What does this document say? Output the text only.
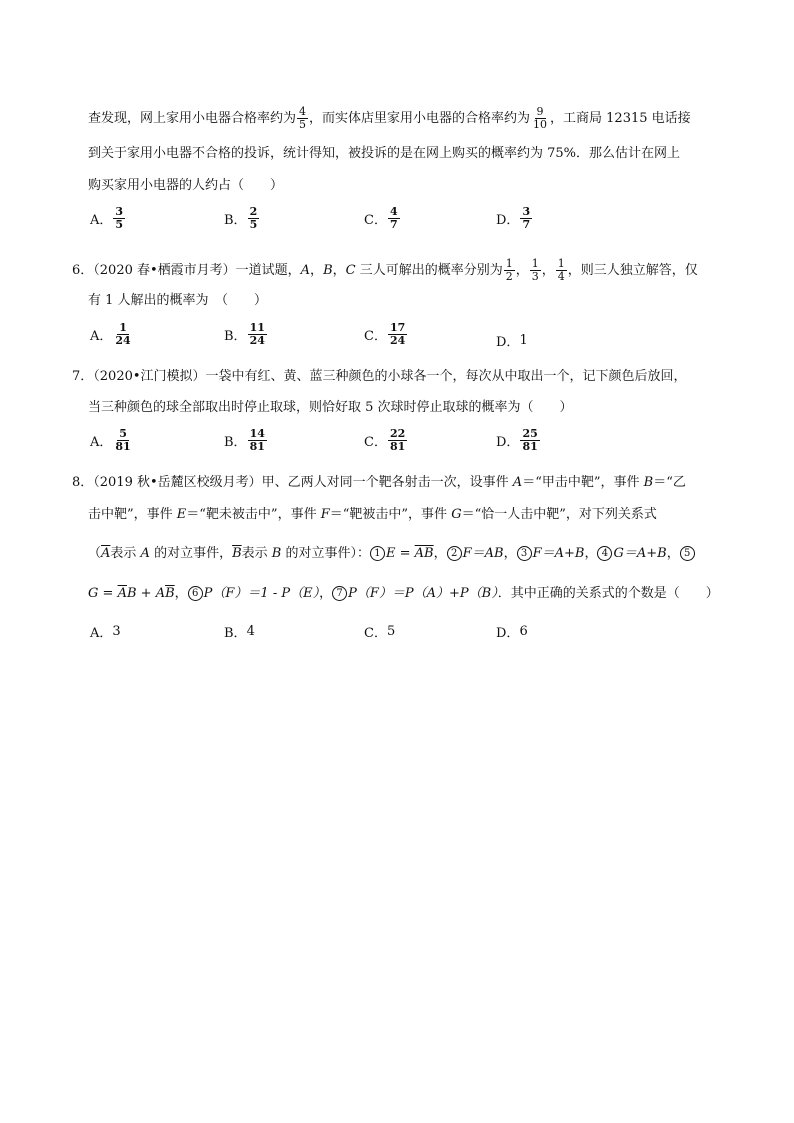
查发现，网上家用小电器合格率约为 $\frac{4}{5}$ ，而实体店里家用小电器的合格率约为 $\frac{9}{10}$ ，工商局 12315 电话接
到关于家用小电器不合格的投诉，统计得知，被投诉的是在网上购买的概率约为 75%．那么估计在网上
购买家用小电器的人约占（　　）
A． $\frac{3}{5}$	B． $\frac{2}{5}$	C． $\frac{4}{7}$	D． $\frac{3}{7}$
6．（2020 春•栖霞市月考）一道试题，A，B，C 三人可解出的概率分别为 $\frac{1}{2}$ ， $\frac{1}{3}$ ， $\frac{1}{4}$ ，则三人独立解答，仅
有 1 人解出的概率为　（　　）
A． $\frac{1}{24}$	B． $\frac{11}{24}$	C． $\frac{17}{24}$	D．1
7．（2020•江门模拟）一袋中有红、黄、蓝三种颜色的小球各一个，每次从中取出一个，记下颜色后放回，
当三种颜色的球全部取出时停止取球，则恰好取 5 次球时停止取球的概率为（　　）
A． $\frac{5}{81}$	B． $\frac{14}{81}$	C． $\frac{22}{81}$	D． $\frac{25}{81}$
8．（2019 秋•岳麓区校级月考）甲、乙两人对同一个靶各射击一次，设事件 A＝“甲击中靶”，事件 B＝“乙
击中靶”，事件 E＝“靶未被击中”，事件 F＝“靶被击中”，事件 G＝“恰一人击中靶”，对下列关系式
（$\overline{A}$表示 A 的对立事件，$\overline{B}$表示 B 的对立事件）： 1 $E = \overline{AB}$， 2 F＝AB， 3 F＝A+B， 4 G＝A+B， 5
$G = \overline{A}B + A\overline{B}$， 6 P（F）＝1 - P（E）， 7 P（F）＝P（A）+P（B）．其中正确的关系式的个数是（　　）
A．3	B．4	C．5	D．6
